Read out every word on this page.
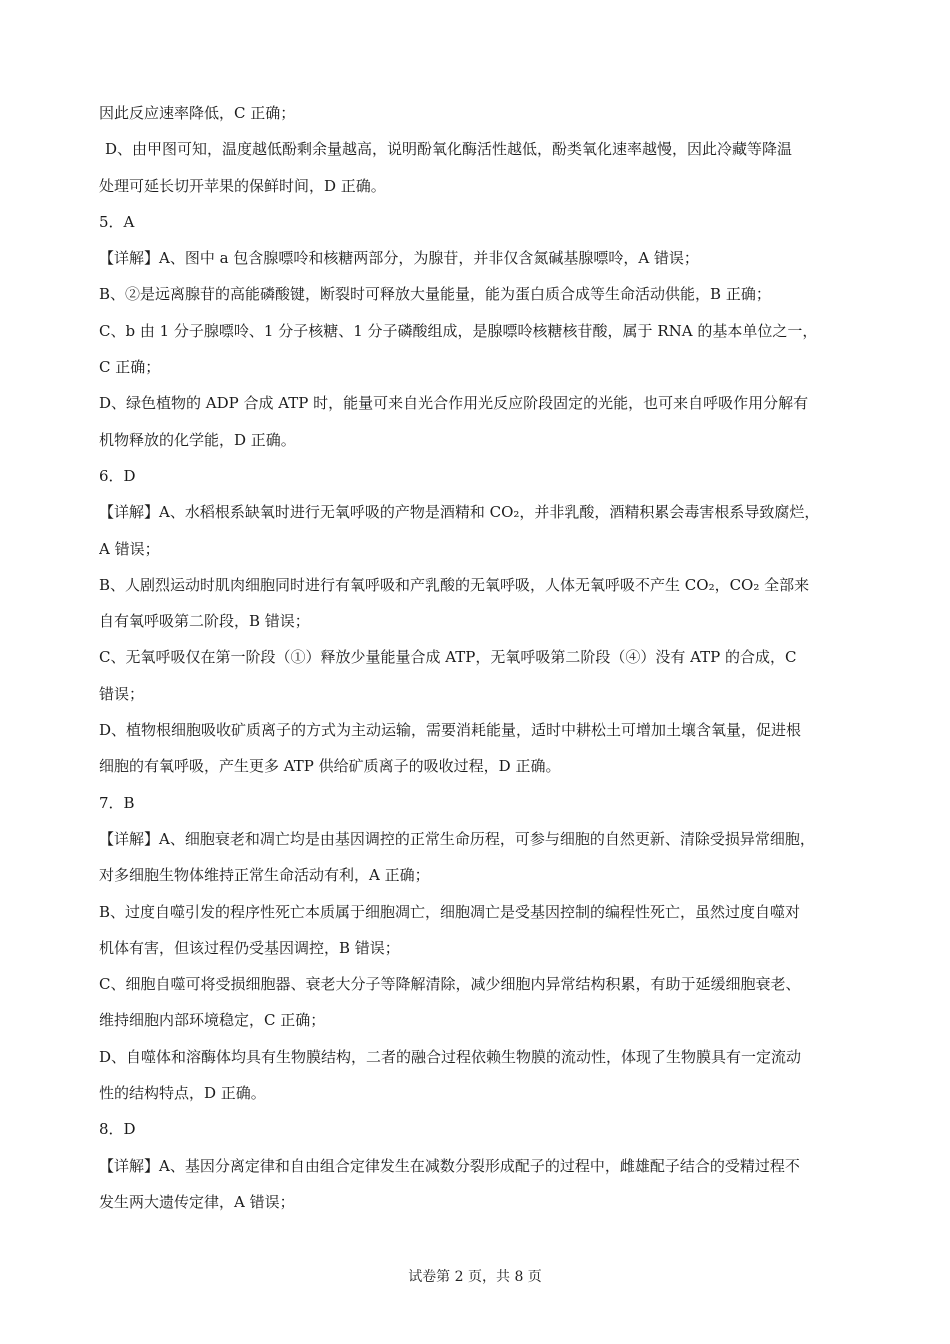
因此反应速率降低，C 正确；
D、由甲图可知，温度越低酚剩余量越高，说明酚氧化酶活性越低，酚类氧化速率越慢，因此冷藏等降温
处理可延长切开苹果的保鲜时间，D 正确。
5．A
【详解】A、图中 a 包含腺嘌呤和核糖两部分，为腺苷，并非仅含氮碱基腺嘌呤，A 错误；
B、②是远离腺苷的高能磷酸键，断裂时可释放大量能量，能为蛋白质合成等生命活动供能，B 正确；
C、b 由 1 分子腺嘌呤、1 分子核糖、1 分子磷酸组成，是腺嘌呤核糖核苷酸，属于 RNA 的基本单位之一，
C 正确；
D、绿色植物的 ADP 合成 ATP 时，能量可来自光合作用光反应阶段固定的光能，也可来自呼吸作用分解有
机物释放的化学能，D 正确。
6．D
【详解】A、水稻根系缺氧时进行无氧呼吸的产物是酒精和 CO₂，并非乳酸，酒精积累会毒害根系导致腐烂，
A 错误；
B、人剧烈运动时肌肉细胞同时进行有氧呼吸和产乳酸的无氧呼吸，人体无氧呼吸不产生 CO₂，CO₂ 全部来
自有氧呼吸第二阶段，B 错误；
C、无氧呼吸仅在第一阶段（①）释放少量能量合成 ATP，无氧呼吸第二阶段（④）没有 ATP 的合成，C
错误；
D、植物根细胞吸收矿质离子的方式为主动运输，需要消耗能量，适时中耕松土可增加土壤含氧量，促进根
细胞的有氧呼吸，产生更多 ATP 供给矿质离子的吸收过程，D 正确。
7．B
【详解】A、细胞衰老和凋亡均是由基因调控的正常生命历程，可参与细胞的自然更新、清除受损异常细胞，
对多细胞生物体维持正常生命活动有利，A 正确；
B、过度自噬引发的程序性死亡本质属于细胞凋亡，细胞凋亡是受基因控制的编程性死亡，虽然过度自噬对
机体有害，但该过程仍受基因调控，B 错误；
C、细胞自噬可将受损细胞器、衰老大分子等降解清除，减少细胞内异常结构积累，有助于延缓细胞衰老、
维持细胞内部环境稳定，C 正确；
D、自噬体和溶酶体均具有生物膜结构，二者的融合过程依赖生物膜的流动性，体现了生物膜具有一定流动
性的结构特点，D 正确。
8．D
【详解】A、基因分离定律和自由组合定律发生在减数分裂形成配子的过程中，雌雄配子结合的受精过程不
发生两大遗传定律，A 错误；
试卷第 2 页，共 8 页
